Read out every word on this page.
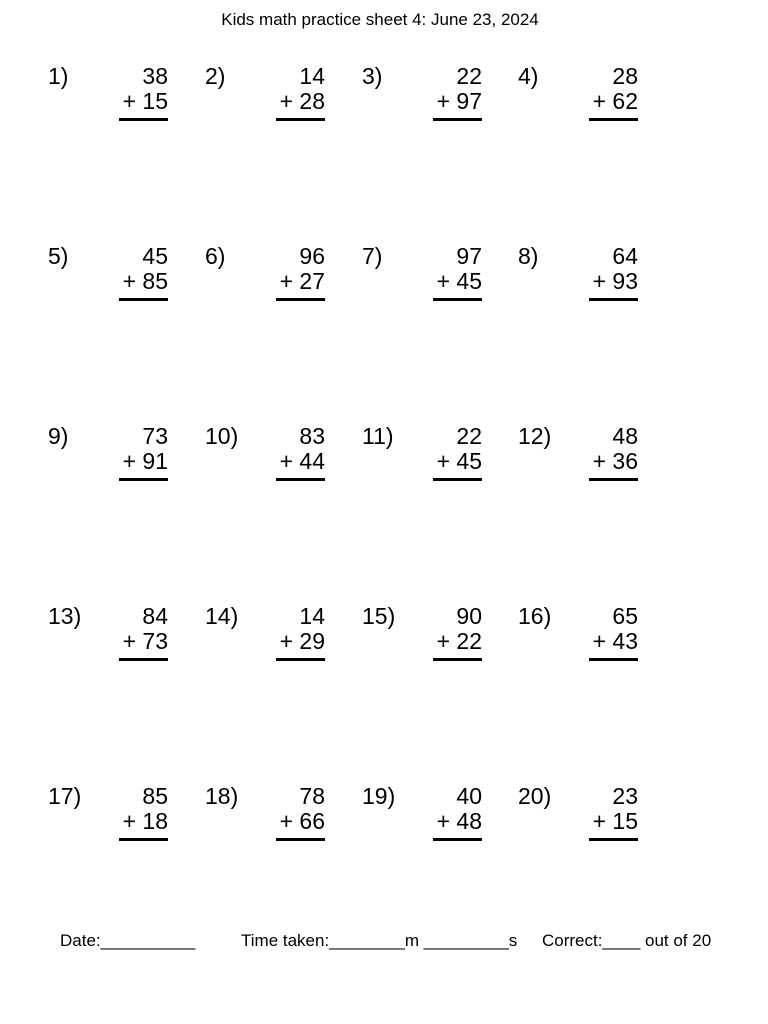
Kids math practice sheet 4: June 23, 2024
1)	38
+ 15
2)	14
+ 28
3)	22
+ 97
4)	28
+ 62
5)	45
+ 85
6)	96
+ 27
7)	97
+ 45
8)	64
+ 93
9)	73
+ 91
10)	83
+ 44
11)	22
+ 45
12)	48
+ 36
13)	84
+ 73
14)	14
+ 29
15)	90
+ 22
16)	65
+ 43
17)	85
+ 18
18)	78
+ 66
19)	40
+ 48
20)	23
+ 15
Date:__________	Time taken:________m _________s Correct:____ out of 20
